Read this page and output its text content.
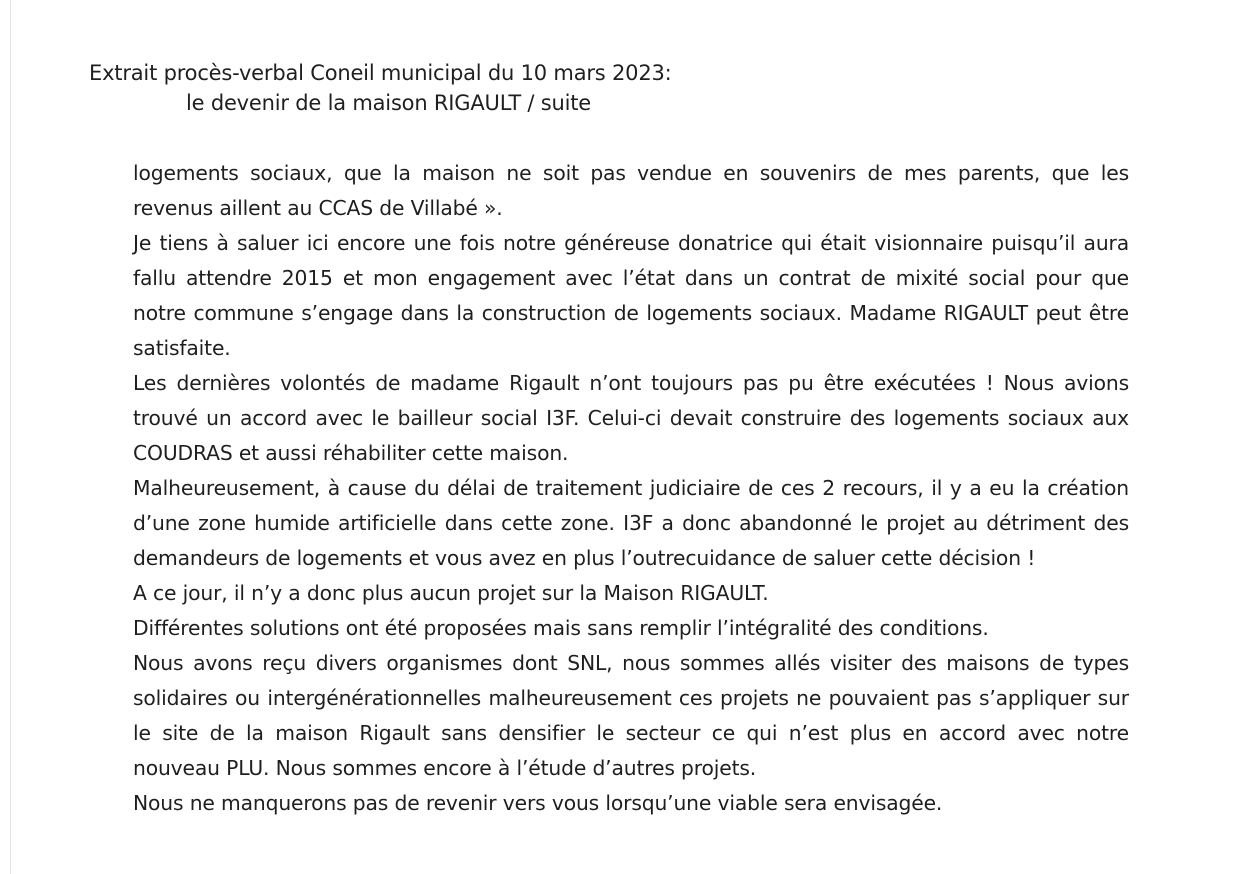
Extrait procès-verbal Coneil municipal du 10 mars 2023:
le devenir de la maison RIGAULT / suite

logements sociaux, que la maison ne soit pas vendue en souvenirs de mes parents, que les revenus aillent au CCAS de Villabé ».

Je tiens à saluer ici encore une fois notre généreuse donatrice qui était visionnaire puisqu’il aura fallu attendre 2015 et mon engagement avec l’état dans un contrat de mixité social pour que notre commune s’engage dans la construction de logements sociaux. Madame RIGAULT peut être satisfaite.

Les dernières volontés de madame Rigault n’ont toujours pas pu être exécutées ! Nous avions trouvé un accord avec le bailleur social I3F. Celui-ci devait construire des logements sociaux aux COUDRAS et aussi réhabiliter cette maison.

Malheureusement, à cause du délai de traitement judiciaire de ces 2 recours, il y a eu la création d’une zone humide artificielle dans cette zone. I3F a donc abandonné le projet au détriment des demandeurs de logements et vous avez en plus l’outrecuidance de saluer cette décision !

A ce jour, il n’y a donc plus aucun projet sur la Maison RIGAULT.

Différentes solutions ont été proposées mais sans remplir l’intégralité des conditions.

Nous avons reçu divers organismes dont SNL, nous sommes allés visiter des maisons de types solidaires ou intergénérationnelles malheureusement ces projets ne pouvaient pas s’appliquer sur le site de la maison Rigault sans densifier le secteur ce qui n’est plus en accord avec notre nouveau PLU. Nous sommes encore à l’étude d’autres projets.

Nous ne manquerons pas de revenir vers vous lorsqu’une viable sera envisagée.
